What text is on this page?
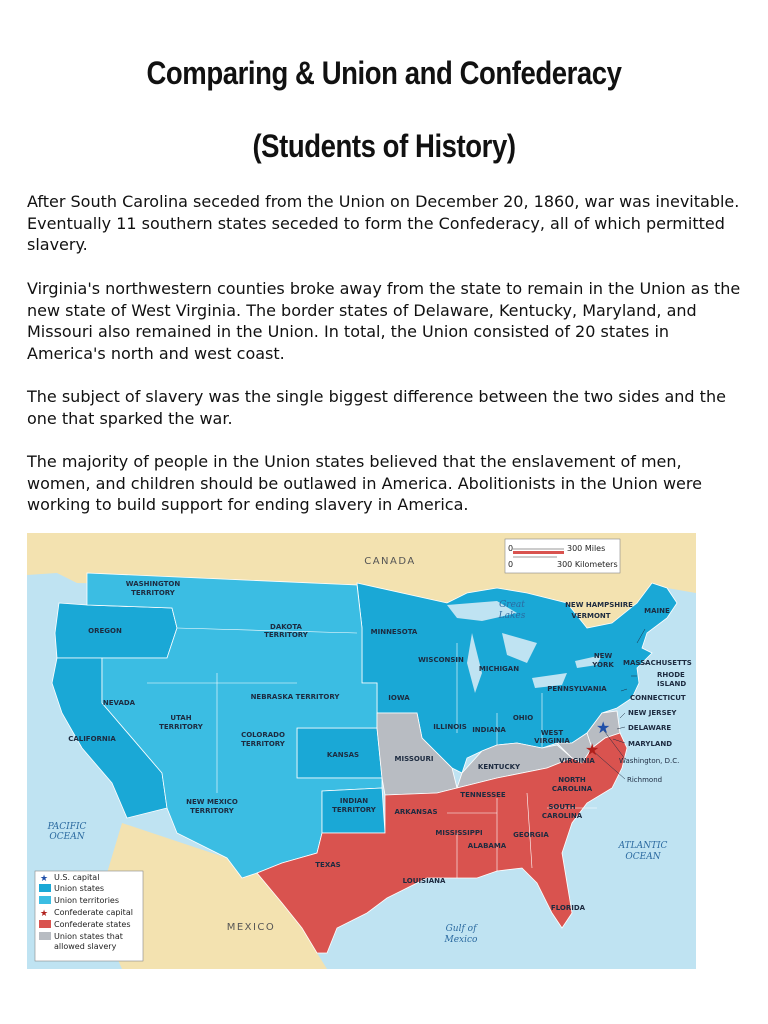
Comparing & Union and Confederacy
(Students of History)

After South Carolina seceded from the Union on December 20, 1860, war was inevitable. Eventually 11 southern states seceded to form the Confederacy, all of which permitted slavery.

Virginia's northwestern counties broke away from the state to remain in the Union as the new state of West Virginia. The border states of Delaware, Kentucky, Maryland, and Missouri also remained in the Union. In total, the Union consisted of 20 states in America's north and west coast.

The subject of slavery was the single biggest difference between the two sides and the one that sparked the war.

The majority of people in the Union states believed that the enslavement of men, women, and children should be outlawed in America. Abolitionists in the Union were working to build support for ending slavery in America.

0
0
300 Miles
300 Kilometers
CANADA
MEXICO
PACIFIC
OCEAN
ATLANTIC
OCEAN
Great
Lakes
Gulf of
Mexico
WASHINGTON
TERRITORY
OREGON	DAKOTA
TERRITORY	MINNESOTA
WISCONSIN
MICHIGAN
NEVADA
UTAH
TERRITORY
NEBRASKA TERRITORY
COLORADO
TERRITORY
IOWA
ILLINOIS INDIANA
OHIO
PENNSYLVANIA
NEW
YORK
CALIFORNIA
KANSAS	MISSOURI
KENTUCKY
WEST
VIRGINIA
VIRGINIA
TENNESSEE
NORTH
CAROLINA
SOUTH
CAROLINA
NEW MEXICO
TERRITORY
INDIAN
TERRITORY	ARKANSAS
MISSISSIPPI
ALABAMA
GEORGIA
TEXAS
LOUISIANA
FLORIDA
MAINE
NEW HAMPSHIRE
VERMONT
MASSACHUSETTS
RHODE
ISLAND
CONNECTICUT
NEW JERSEY
DELAWARE
MARYLAND
Washington, D.C.
Richmond
★
★
★ U.S. capital
Union states
Union territories
★ Confederate capital
Confederate states
Union states that
allowed slavery
